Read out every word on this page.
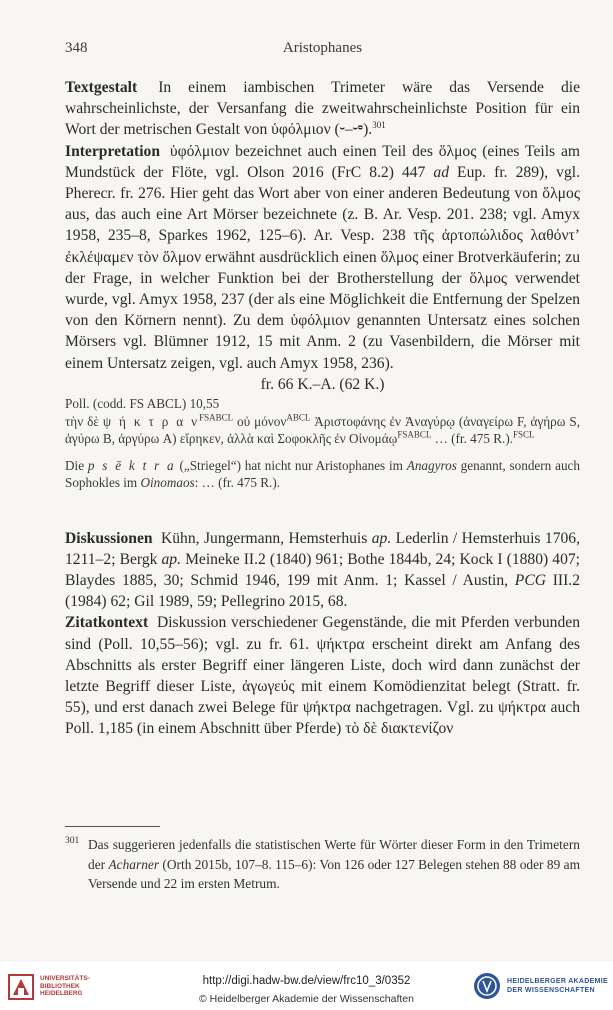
348	Aristophanes

Textgestalt In einem iambischen Trimeter wäre das Versende die wahrscheinlichste, der Versanfang die zweitwahrscheinlichste Position für ein Wort der metrischen Gestalt von ὑφόλμιον (⏑–⏑⏒).$^{301}$

Interpretation ὑφόλμιον bezeichnet auch einen Teil des ὅλμος (eines Teils am Mundstück der Flöte, vgl. Olson 2016 (FrC 8.2) 447 ad Eup. fr. 289), vgl. Pherecr. fr. 276. Hier geht das Wort aber von einer anderen Bedeutung von ὅλμος aus, das auch eine Art Mörser bezeichnete (z. B. Ar. Vesp. 201. 238; vgl. Amyx 1958, 235–8, Sparkes 1962, 125–6). Ar. Vesp. 238 τῆς ἀρτοπώλιδος λαθόντ’ ἐκλέψαμεν τὸν ὅλμον erwähnt ausdrücklich einen ὅλμος einer Brotverkäuferin; zu der Frage, in welcher Funktion bei der Brotherstellung der ὅλμος verwendet wurde, vgl. Amyx 1958, 237 (der als eine Möglichkeit die Entfernung der Spelzen von den Körnern nennt). Zu dem ὑφόλμιον genannten Untersatz eines solchen Mörsers vgl. Blümner 1912, 15 mit Anm. 2 (zu Vasenbildern, die Mörser mit einem Untersatz zeigen, vgl. auch Amyx 1958, 236).

fr. 66 K.–A. (62 K.)

Poll. (codd. FS ABCL) 10,55

τὴν δὲ ψ ή κ τ ρ α $\nu^{FSABCL}$ οὐ μόνον$^{ABCL}$ Ἀριστοφάνης ἐν Ἀναγύρῳ (ἀναγείρω F, ἀγήρω S, ἀγύρω B, ἀργύρω A) εἴρηκεν, ἀλλὰ καὶ Σοφοκλῆς ἐν Οἰνομάῳ$^{FSABCL}$ … (fr. 475 R.).$^{FSCL}$

Die p s ē k t r a („Striegel“) hat nicht nur Aristophanes im Anagyros genannt, sondern auch Sophokles im Oinomaos: … (fr. 475 R.).

Diskussionen Kühn, Jungermann, Hemsterhuis ap. Lederlin / Hemsterhuis 1706, 1211–2; Bergk ap. Meineke II.2 (1840) 961; Bothe 1844b, 24; Kock I (1880) 407; Blaydes 1885, 30; Schmid 1946, 199 mit Anm. 1; Kassel / Austin, PCG III.2 (1984) 62; Gil 1989, 59; Pellegrino 2015, 68.

Zitatkontext Diskussion verschiedener Gegenstände, die mit Pferden verbunden sind (Poll. 10,55–56); vgl. zu fr. 61. ψήκτρα erscheint direkt am Anfang des Abschnitts als erster Begriff einer längeren Liste, doch wird dann zunächst der letzte Begriff dieser Liste, ἀγωγεύς mit einem Komödienzitat belegt (Stratt. fr. 55), und erst danach zwei Belege für ψήκτρα nachgetragen. Vgl. zu ψήκτρα auch Poll. 1,185 (in einem Abschnitt über Pferde) τὸ δὲ διακτενίζον

301 Das suggerieren jedenfalls die statistischen Werte für Wörter dieser Form in den Trimetern der Acharner (Orth 2015b, 107–8. 115–6): Von 126 oder 127 Belegen stehen 88 oder 89 am Versende und 22 im ersten Metrum.
UNIVERSITÄTS-
BIBLIOTHEK
HEIDELBERG
http://digi.hadw-bw.de/view/frc10_3/0352
© Heidelberger Akademie der Wissenschaften
HEIDELBERGER AKADEMIE
DER WISSENSCHAFTEN
